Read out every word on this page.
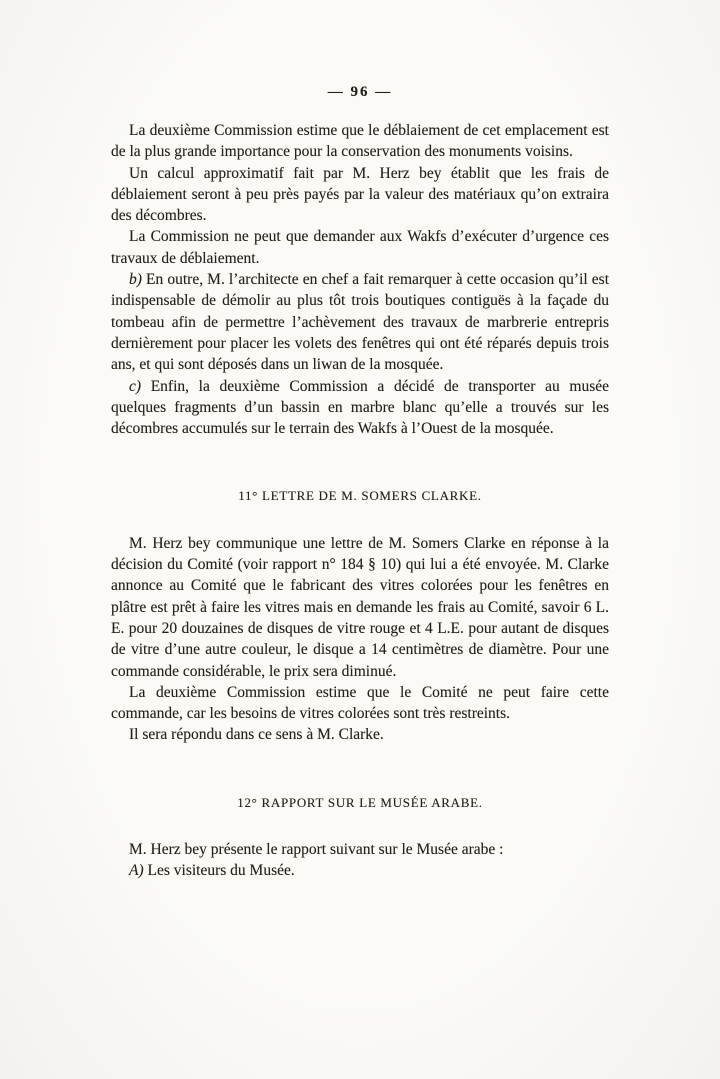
— 96 —

La deuxième Commission estime que le déblaiement de cet emplacement est de la plus grande importance pour la conservation des monuments voisins.

Un calcul approximatif fait par M. Herz bey établit que les frais de déblaiement seront à peu près payés par la valeur des matériaux qu’on extraira des décombres.

La Commission ne peut que demander aux Wakfs d’exécuter d’urgence ces travaux de déblaiement.

b) En outre, M. l’architecte en chef a fait remarquer à cette occasion qu’il est indispensable de démolir au plus tôt trois boutiques contiguës à la façade du tombeau afin de permettre l’achèvement des travaux de marbrerie entrepris dernièrement pour placer les volets des fenêtres qui ont été réparés depuis trois ans, et qui sont déposés dans un liwan de la mosquée.

c) Enfin, la deuxième Commission a décidé de transporter au musée quelques fragments d’un bassin en marbre blanc qu’elle a trouvés sur les décombres accumulés sur le terrain des Wakfs à l’Ouest de la mosquée.

11° LETTRE DE M. SOMERS CLARKE.

M. Herz bey communique une lettre de M. Somers Clarke en réponse à la décision du Comité (voir rapport n° 184 § 10) qui lui a été envoyée. M. Clarke annonce au Comité que le fabricant des vitres colorées pour les fenêtres en plâtre est prêt à faire les vitres mais en demande les frais au Comité, savoir 6 L. E. pour 20 douzaines de disques de vitre rouge et 4 L.E. pour autant de disques de vitre d’une autre couleur, le disque a 14 centimètres de diamètre. Pour une commande considérable, le prix sera diminué.

La deuxième Commission estime que le Comité ne peut faire cette commande, car les besoins de vitres colorées sont très restreints.

Il sera répondu dans ce sens à M. Clarke.

12° RAPPORT SUR LE MUSÉE ARABE.

M. Herz bey présente le rapport suivant sur le Musée arabe :

A) Les visiteurs du Musée.
